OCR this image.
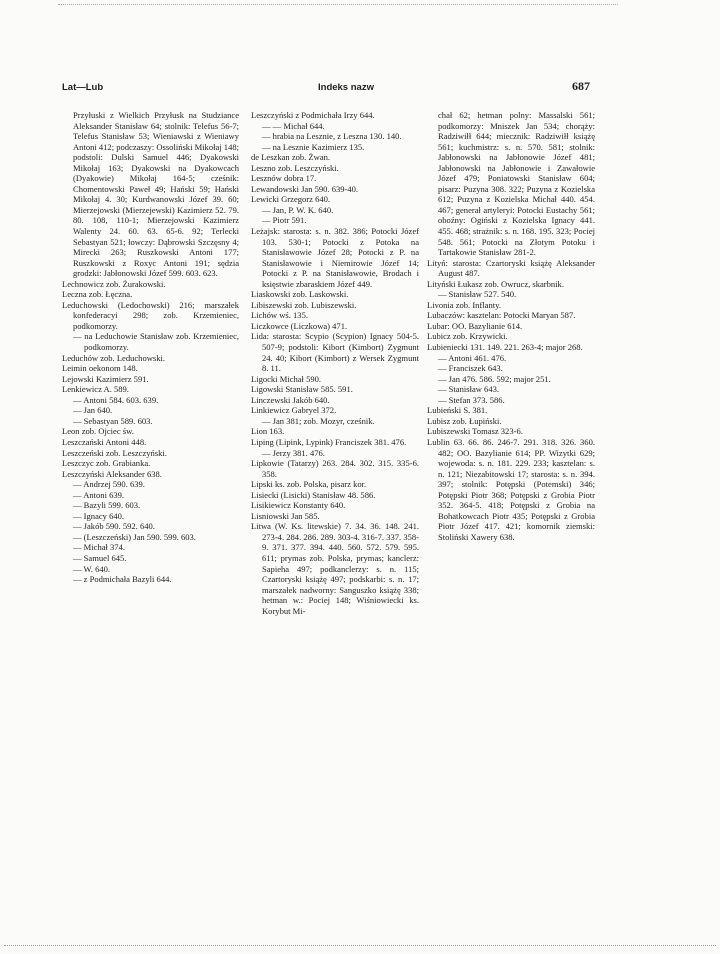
Lat—Lub	Indeks nazw	687
Przyłuski z Wielkich Przyłusk na Studziance Aleksander Stanisław 64; stolnik: Telefus 56-7; Telefus Stanisław 53; Wieniawski z Wieniawy Antoni 412; podczaszy: Ossoliński Mikołaj 148; podstoli: Dulski Samuel 446; Dyakowski Mikołaj 163; Dyakowski na Dyakowcach (Dyakowie) Mikołaj 164-5; cześnik: Chomentowski Paweł 49; Hański 59; Hański Mikołaj 4. 30; Kurdwanowski Józef 39. 60; Mierzejowski (Mierzejewski) Kazimierz 52. 79. 80. 108, 110-1; Mierzejowski Kazimierz Walenty 24. 60. 63. 65-6. 92; Terlecki Sebastyan 521; łowczy: Dąbrowski Szczęsny 4; Mirecki 263; Ruszkowski Antoni 177; Ruszkowski z Roxyc Antoni 191; sędzia grodzki: Jabłonowski Józef 599. 603. 623.
Lechnowicz zob. Żurakowski.
Leczna zob. Łęczna.
Leduchowski (Ledochowski) 216; marszałek konfederacyi 298; zob. Krzemieniec, podkomorzy.
— na Leduchowie Stanisław zob. Krzemieniec, podkomorzy.
Leduchów zob. Leduchowski.
Leimin oekonom 148.
Lejowski Kazimierz 591.
Lenkiewicz A. 589.
— Antoni 584. 603. 639.
— Jan 640.
— Sebastyan 589. 603.
Leon zob. Ojciec św.
Leszczański Antoni 448.
Leszczeński zob. Leszczyński.
Leszczyc zob. Grabianka.
Leszczyński Aleksander 638.
— Andrzej 590. 639.
— Antoni 639.
— Bazyli 599. 603.
— Ignacy 640.
— Jakób 590. 592. 640.
— (Leszczeński) Jan 590. 599. 603.
— Michał 374.
— Samuel 645.
— W. 640.
— z Podmichała Bazyli 644.
Leszczyński z Podmichała Irzy 644.
— — Michał 644.
— hrabia na Lesznie, z Leszna 130. 140.
— na Lesznie Kazimierz 135.
de Leszkan zob. Żwan.
Leszno zob. Leszczyński.
Lesznów dobra 17.
Lewandowski Jan 590. 639-40.
Lewicki Grzegorz 640.
— Jan, P. W. K. 640.
— Piotr 591.
Leżajsk: starosta: s. n. 382. 386; Potocki Józef 103. 530-1; Potocki z Potoka na Stanisławowie Józef 28; Potocki z P. na Stanisławowie i Niemirowie Józef 14; Potocki z P. na Stanisławowie, Brodach i księstwie zbaraskiem Józef 449.
Liaskowski zob. Laskowski.
Libiszewski zob. Lubiszewski.
Lichów wś. 135.
Liczkowce (Liczkowa) 471.
Lida: starosta: Scypio (Scypion) Ignacy 504-5. 507-9; podstoli: Kibort (Kimbort) Zygmunt 24. 40; Kibort (Kimbort) z Wersek Zygmunt 8. 11.
Ligocki Michał 590.
Ligowski Stanisław 585. 591.
Linczewski Jakób 640.
Linkiewicz Gabryel 372.
— Jan 381; zob. Mozyr, cześnik.
Lion 163.
Liping (Lipink, Lypink) Franciszek 381. 476.
— Jerzy 381. 476.
Lipkowie (Tatarzy) 263. 284. 302. 315. 335-6. 358.
Lipski ks. zob. Polska, pisarz kor.
Lisiecki (Lisicki) Stanisław 48. 586.
Lisikiewicz Konstanty 640.
Lisniowski Jan 585.
Litwa (W. Ks. litewskie) 7. 34. 36. 148. 241. 273-4. 284. 286. 289. 303-4. 316-7. 337. 358-9. 371. 377. 394. 440. 560. 572. 579. 595. 611; prymas zob. Polska, prymas; kanclerz: Sapieha 497; podkanclerzy: s. n. 115; Czartoryski książę 497; podskarbi: s. n. 17; marszałek nadworny: Sanguszko książę 338; hetman w.: Pociej 148; Wiśniowiecki ks. Korybut Mi-
chał 62; hetman polny: Massalski 561; podkomorzy: Mniszek Jan 534; chorąży: Radziwiłł 644; miecznik: Radziwiłł książę 561; kuchmistrz: s. n. 570. 581; stolnik: Jabłonowski na Jabłonowie Józef 481; Jabłonowski na Jabłonowie i Zawałowie Józef 479; Poniatowski Stanisław 604; pisarz: Puzyna 308. 322; Puzyna z Kozielska 612; Puzyna z Kozielska Michał 440. 454. 467; generał artyleryi: Potocki Eustachy 561; oboźny: Ogiński z Kozielska Ignacy 441. 455. 468; strażnik: s. n. 168. 195. 323; Pociej 548. 561; Potocki na Złotym Potoku i Tartakowie Stanisław 281-2.
Lityń: starosta: Czartoryski książę Aleksander August 487.
Lityński Łukasz zob. Owrucz, skarbnik.
— Stanisław 527. 540.
Livonia zob. Inflanty.
Lubaczów: kasztelan: Potocki Maryan 587.
Lubar: OO. Bazylianie 614.
Lubicz zob. Krzywicki.
Lubieniecki 131. 149. 221. 263-4; major 268.
— Antoni 461. 476.
— Franciszek 643.
— Jan 476. 586. 592; major 251.
— Stanisław 643.
— Stefan 373. 586.
Lubieński S. 381.
Lubisz zob. Łupiński.
Lubiszewski Tomasz 323-6.
Lublin 63. 66. 86. 246-7. 291. 318. 326. 360. 482; OO. Bazylianie 614; PP. Wizytki 629; wojewoda: s. n. 181. 229. 233; kasztelan: s. n. 121; Niezabitowski 17; starosta: s. n. 394. 397; stolnik: Potępski (Potemski) 346; Potępski Piotr 368; Potępski z Grobia Piotr 352. 364-5. 418; Potępski z Grobia na Bohatkowcach Piotr 435; Potępski z Grobia Piotr Józef 417. 421; komornik ziemski: Stoliński Xawery 638.
